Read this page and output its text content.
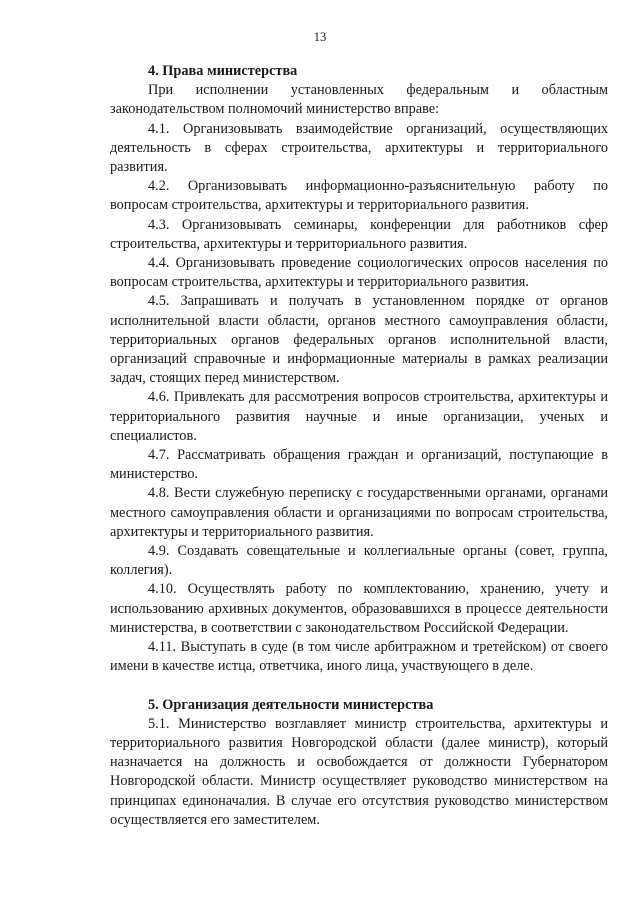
13

4. Права министерства

При исполнении установленных федеральным и областным законодательством полномочий министерство вправе:

4.1. Организовывать взаимодействие организаций, осуществляющих деятельность в сферах строительства, архитектуры и территориального развития.

4.2. Организовывать информационно-разъяснительную работу по вопросам строительства, архитектуры и территориального развития.

4.3. Организовывать семинары, конференции для работников сфер строительства, архитектуры и территориального развития.

4.4. Организовывать проведение социологических опросов населения по вопросам строительства, архитектуры и территориального развития.

4.5. Запрашивать и получать в установленном порядке от органов исполнительной власти области, органов местного самоуправления области, территориальных органов федеральных органов исполнительной власти, организаций справочные и информационные материалы в рамках реализации задач, стоящих перед министерством.

4.6. Привлекать для рассмотрения вопросов строительства, архитектуры и территориального развития научные и иные организации, ученых и специалистов.

4.7. Рассматривать обращения граждан и организаций, поступающие в министерство.

4.8. Вести служебную переписку с государственными органами, органами местного самоуправления области и организациями по вопросам строительства, архитектуры и территориального развития.

4.9. Создавать совещательные и коллегиальные органы (совет, группа, коллегия).

4.10. Осуществлять работу по комплектованию, хранению, учету и использованию архивных документов, образовавшихся в процессе деятельности министерства, в соответствии с законодательством Российской Федерации.

4.11. Выступать в суде (в том числе арбитражном и третейском) от своего имени в качестве истца, ответчика, иного лица, участвующего в деле.

5. Организация деятельности министерства

5.1. Министерство возглавляет министр строительства, архитектуры и территориального развития Новгородской области (далее министр), который назначается на должность и освобождается от должности Губернатором Новгородской области. Министр осуществляет руководство министерством на принципах единоначалия. В случае его отсутствия руководство министерством осуществляется его заместителем.
